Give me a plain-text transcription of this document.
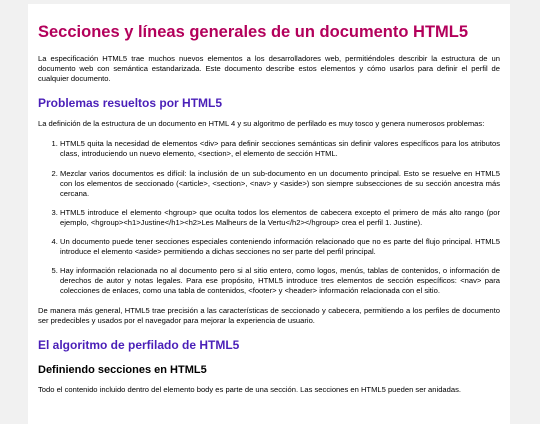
Secciones y líneas generales de un documento HTML5

La especificación HTML5 trae muchos nuevos elementos a los desarrolladores web, permitiéndoles describir la estructura de un documento web con semántica estandarizada. Este documento describe estos elementos y cómo usarlos para definir el perfil de cualquier documento.

Problemas resueltos por HTML5

La definición de la estructura de un documento en HTML 4 y su algoritmo de perfilado es muy tosco y genera numerosos problemas:

1. HTML5 quita la necesidad de elementos <div> para definir secciones semánticas sin definir valores específicos para los atributos class, introduciendo un nuevo elemento, <section>, el elemento de sección HTML.
2. Mezclar varios documentos es difícil: la inclusión de un sub-documento en un documento principal. Esto se resuelve en HTML5 con los elementos de seccionado (<article>, <section>, <nav> y <aside>) son siempre subsecciones de su sección ancestra más cercana.
3. HTML5 introduce el elemento <hgroup> que oculta todos los elementos de cabecera excepto el primero de más alto rango (por ejemplo, <hgroup><h1>Justine</h1><h2>Les Malheurs de la Vertu</h2></hgroup> crea el perfil 1. Justine).
4. Un documento puede tener secciones especiales conteniendo información relacionado que no es parte del flujo principal. HTML5 introduce el elemento <aside> permitiendo a dichas secciones no ser parte del perfil principal.
5. Hay información relacionada no al documento pero si al sitio entero, como logos, menús, tablas de contenidos, o información de derechos de autor y notas legales. Para ese propósito, HTML5 introduce tres elementos de sección específicos: <nav> para colecciones de enlaces, como una tabla de contenidos, <footer> y <header> información relacionada con el sitio.

De manera más general, HTML5 trae precisión a las características de seccionado y cabecera, permitiendo a los perfiles de documento ser predecibles y usados por el navegador para mejorar la experiencia de usuario.

El algoritmo de perfilado de HTML5
Definiendo secciones en HTML5

Todo el contenido incluido dentro del elemento body es parte de una sección. Las secciones en HTML5 pueden ser anidadas.
